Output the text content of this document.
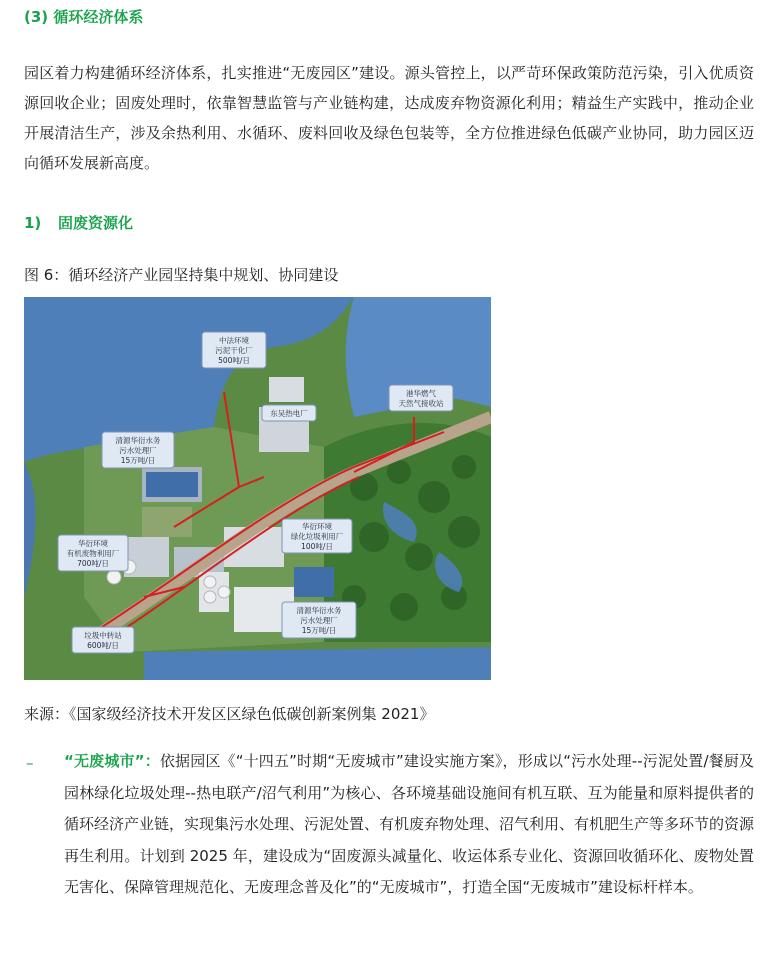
(3) 循环经济体系
园区着力构建循环经济体系，扎实推进“无废园区”建设。源头管控上，以严苛环保政策防范污染，引入优质资源回收企业；固废处理时，依靠智慧监管与产业链构建，达成废弃物资源化利用；精益生产实践中，推动企业开展清洁生产，涉及余热利用、水循环、废料回收及绿色包装等，全方位推进绿色低碳产业协同，助力园区迈向循环发展新高度。
1) 固废资源化
图 6：循环经济产业园坚持集中规划、协同建设
中法环境
污泥干化厂
500吨/日
东吴热电厂
港华燃气
天然气接收站
清源华衍水务
污水处理厂
15万吨/日
华衍环境
绿化垃圾利用厂
100吨/日
华衍环境
有机废物利用厂
700吨/日
清源华衍水务
污水处理厂
15万吨/日
垃圾中转站
600吨/日
来源：《国家级经济技术开发区区绿色低碳创新案例集 2021》
– “无废城市”：依据园区《“十四五”时期“无废城市”建设实施方案》，形成以“污水处理--污泥处置/餐厨及园林绿化垃圾处理--热电联产/沼气利用”为核心、各环境基础设施间有机互联、互为能量和原料提供者的循环经济产业链，实现集污水处理、污泥处置、有机废弃物处理、沼气利用、有机肥生产等多环节的资源再生利用。计划到 2025 年，建设成为“固废源头减量化、收运体系专业化、资源回收循环化、废物处置无害化、保障管理规范化、无废理念普及化”的“无废城市”，打造全国“无废城市”建设标杆样本。
